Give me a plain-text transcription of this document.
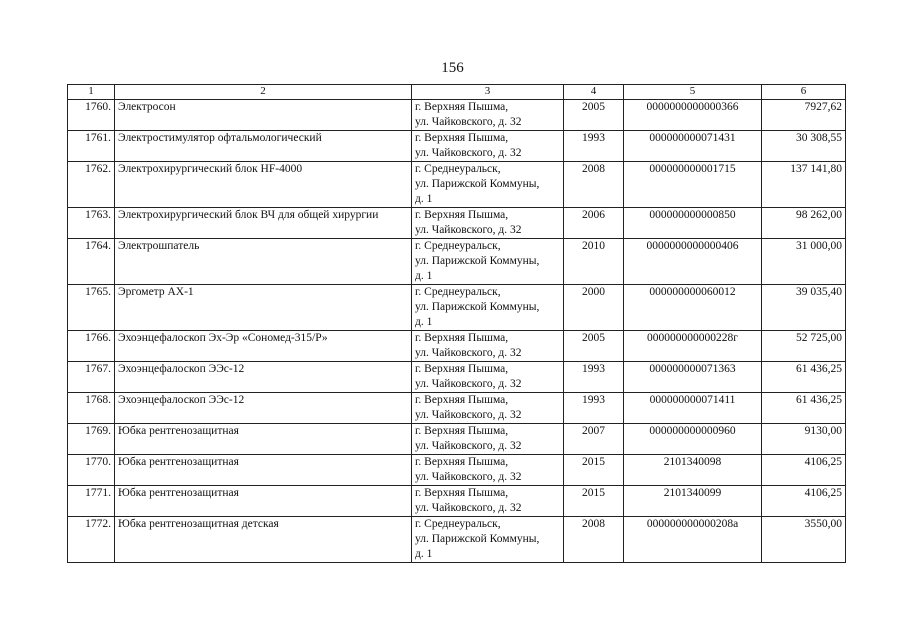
156
1	2	3	4	5	6
1760.	Электросон	г. Верхняя Пышма,
ул. Чайковского, д. 32	2005	0000000000000366	7927,62
1761.	Электростимулятор офтальмологический	г. Верхняя Пышма,
ул. Чайковского, д. 32	1993	000000000071431	30 308,55
1762.	Электрохирургический блок HF-4000	г. Среднеуральск,
ул. Парижской Коммуны,
д. 1	2008	000000000001715	137 141,80
1763.	Электрохирургический блок ВЧ для общей хирургии	г. Верхняя Пышма,
ул. Чайковского, д. 32	2006	000000000000850	98 262,00
1764.	Электрошпатель	г. Среднеуральск,
ул. Парижской Коммуны,
д. 1	2010	0000000000000406	31 000,00
1765.	Эргометр АХ-1	г. Среднеуральск,
ул. Парижской Коммуны,
д. 1	2000	000000000060012	39 035,40
1766.	Эхоэнцефалоскоп Эх-Эр «Сономед-315/Р»	г. Верхняя Пышма,
ул. Чайковского, д. 32	2005	000000000000228г	52 725,00
1767.	Эхоэнцефалоскоп ЭЭс-12	г. Верхняя Пышма,
ул. Чайковского, д. 32	1993	000000000071363	61 436,25
1768.	Эхоэнцефалоскоп ЭЭс-12	г. Верхняя Пышма,
ул. Чайковского, д. 32	1993	000000000071411	61 436,25
1769.	Юбка рентгенозащитная	г. Верхняя Пышма,
ул. Чайковского, д. 32	2007	000000000000960	9130,00
1770.	Юбка рентгенозащитная	г. Верхняя Пышма,
ул. Чайковского, д. 32	2015	2101340098	4106,25
1771.	Юбка рентгенозащитная	г. Верхняя Пышма,
ул. Чайковского, д. 32	2015	2101340099	4106,25
1772.	Юбка рентгенозащитная детская	г. Среднеуральск,
ул. Парижской Коммуны,
д. 1	2008	000000000000208а	3550,00
